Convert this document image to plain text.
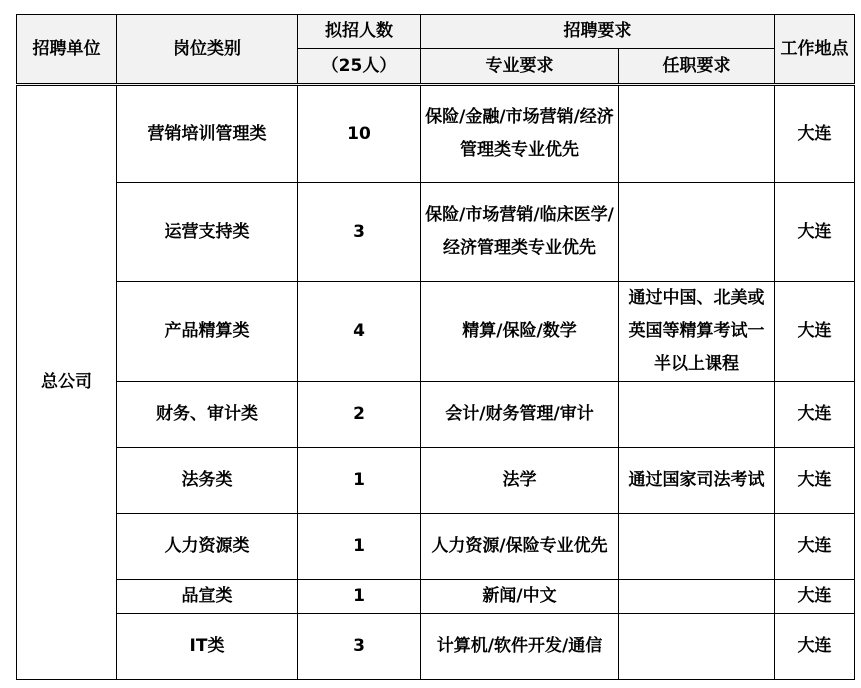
招聘单位	岗位类别	拟招人数	招聘要求		工作地点
		（25人）	专业要求	任职要求	
总公司	营销培训管理类	10	保险/金融/市场营销/经济管理类专业优先		大连
	运营支持类	3	保险/市场营销/临床医学/经济管理类专业优先		大连
	产品精算类	4	精算/保险/数学	通过中国、北美或英国等精算考试一半以上课程	大连
	财务、审计类	2	会计/财务管理/审计		大连
	法务类	1	法学	通过国家司法考试	大连
	人力资源类	1	人力资源/保险专业优先		大连
	品宣类	1	新闻/中文		大连
	IT类	3	计算机/软件开发/通信		大连
